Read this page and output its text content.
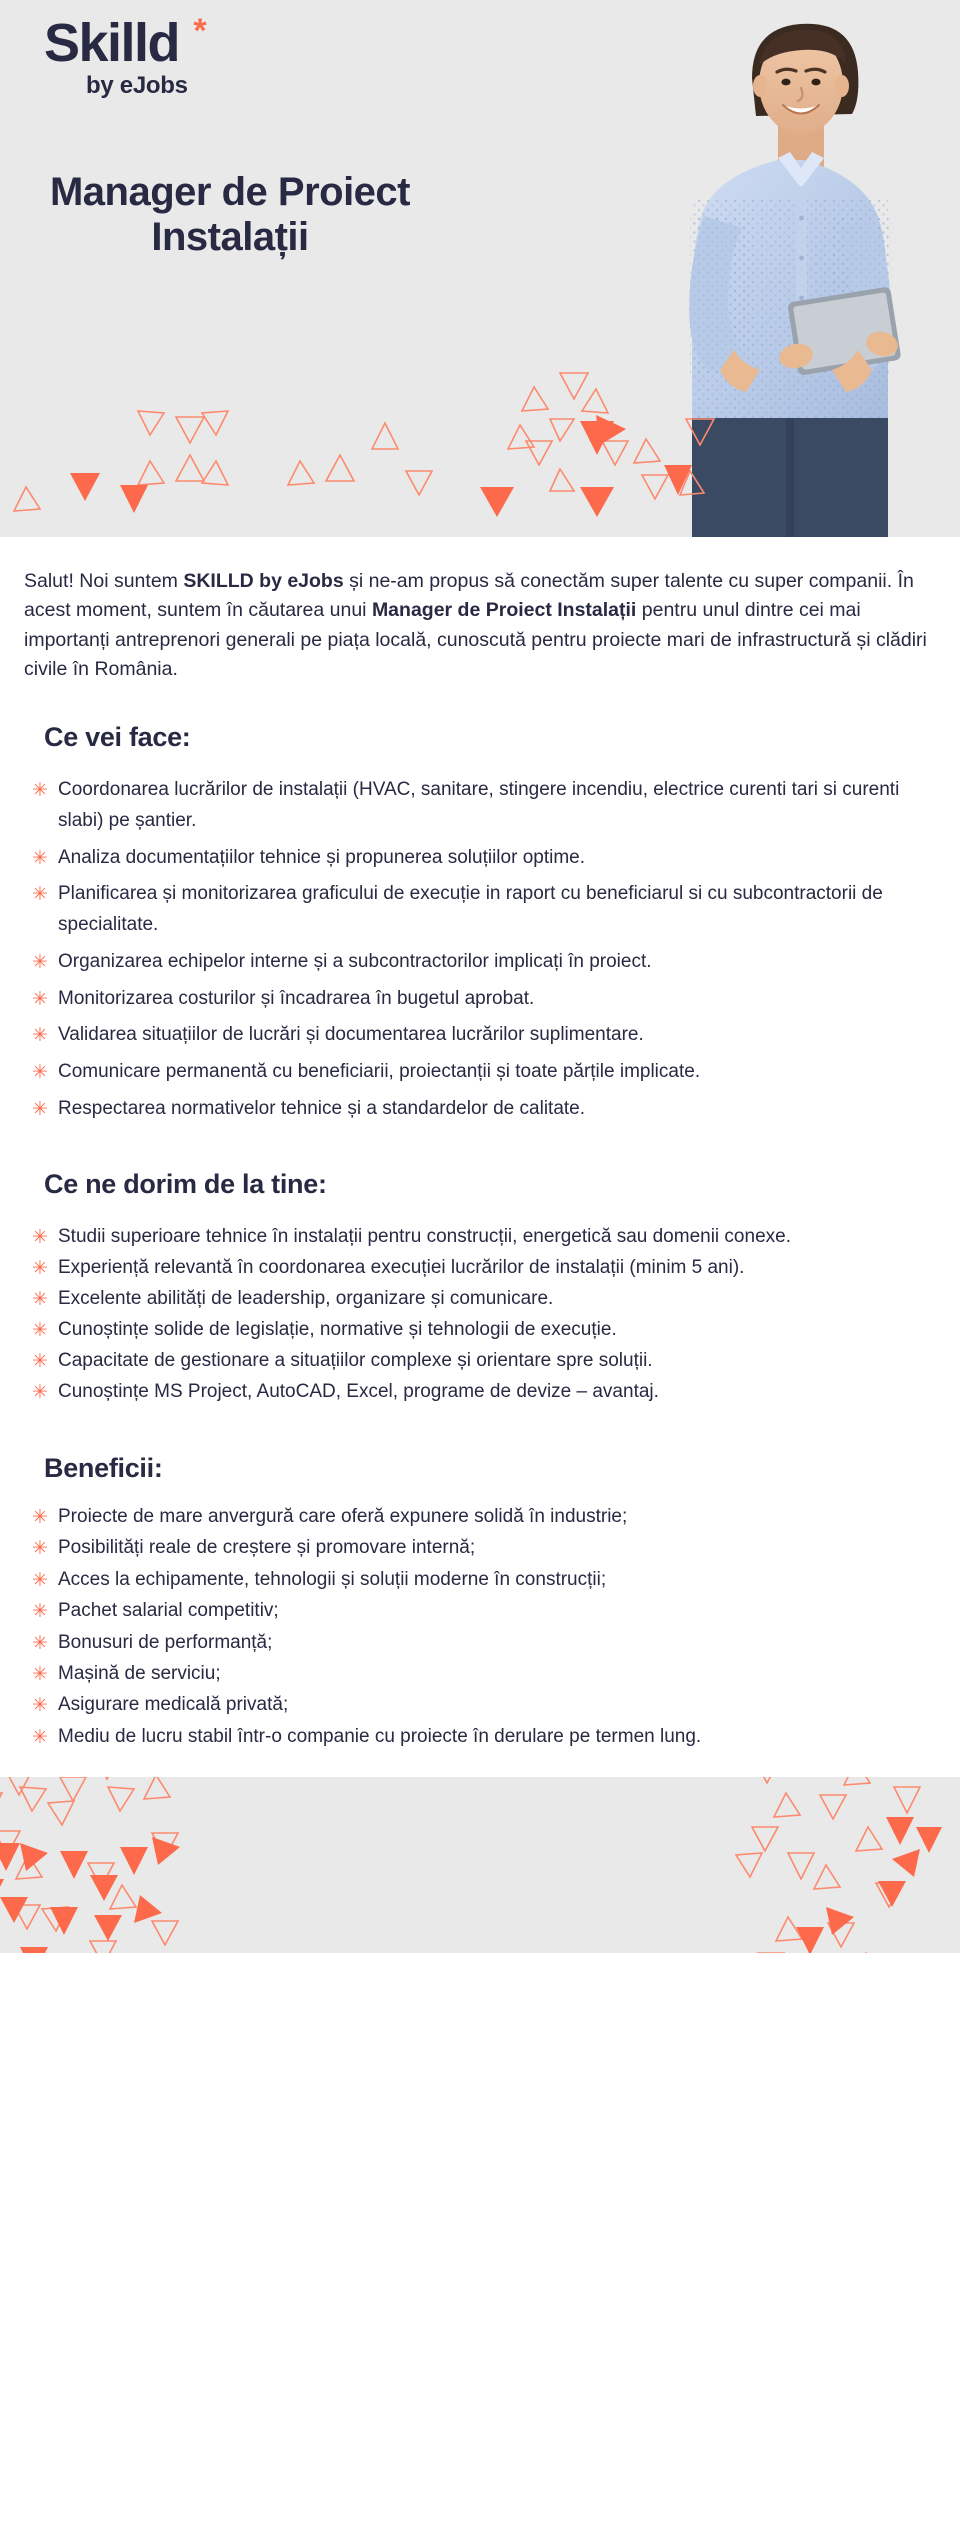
Skilld *
by eJobs
Manager de Proiect Instalații

Salut! Noi suntem SKILLD by eJobs și ne-am propus să conectăm super talente cu super companii. În acest moment, suntem în căutarea unui Manager de Proiect Instalații pentru unul dintre cei mai importanți antreprenori generali pe piața locală, cunoscută pentru proiecte mari de infrastructură și clădiri civile în România.

Ce vei face:
✳ Coordonarea lucrărilor de instalații (HVAC, sanitare, stingere incendiu, electrice curenti tari si curenti slabi) pe șantier.
✳ Analiza documentațiilor tehnice și propunerea soluțiilor optime.
✳ Planificarea și monitorizarea graficului de execuție in raport cu beneficiarul si cu subcontractorii de specialitate.
✳ Organizarea echipelor interne și a subcontractorilor implicați în proiect.
✳ Monitorizarea costurilor și încadrarea în bugetul aprobat.
✳ Validarea situațiilor de lucrări și documentarea lucrărilor suplimentare.
✳ Comunicare permanentă cu beneficiarii, proiectanții și toate părțile implicate.
✳ Respectarea normativelor tehnice și a standardelor de calitate.
Ce ne dorim de la tine:
✳ Studii superioare tehnice în instalații pentru construcții, energetică sau domenii conexe.
✳ Experiență relevantă în coordonarea execuției lucrărilor de instalații (minim 5 ani).
✳ Excelente abilități de leadership, organizare și comunicare.
✳ Cunoștințe solide de legislație, normative și tehnologii de execuție.
✳ Capacitate de gestionare a situațiilor complexe și orientare spre soluții.
✳ Cunoștințe MS Project, AutoCAD, Excel, programe de devize – avantaj.
Beneficii:
✳ Proiecte de mare anvergură care oferă expunere solidă în industrie;
✳ Posibilități reale de creștere și promovare internă;
✳ Acces la echipamente, tehnologii și soluții moderne în construcții;
✳ Pachet salarial competitiv;
✳ Bonusuri de performanță;
✳ Mașină de serviciu;
✳ Asigurare medicală privată;
✳ Mediu de lucru stabil într-o companie cu proiecte în derulare pe termen lung.
